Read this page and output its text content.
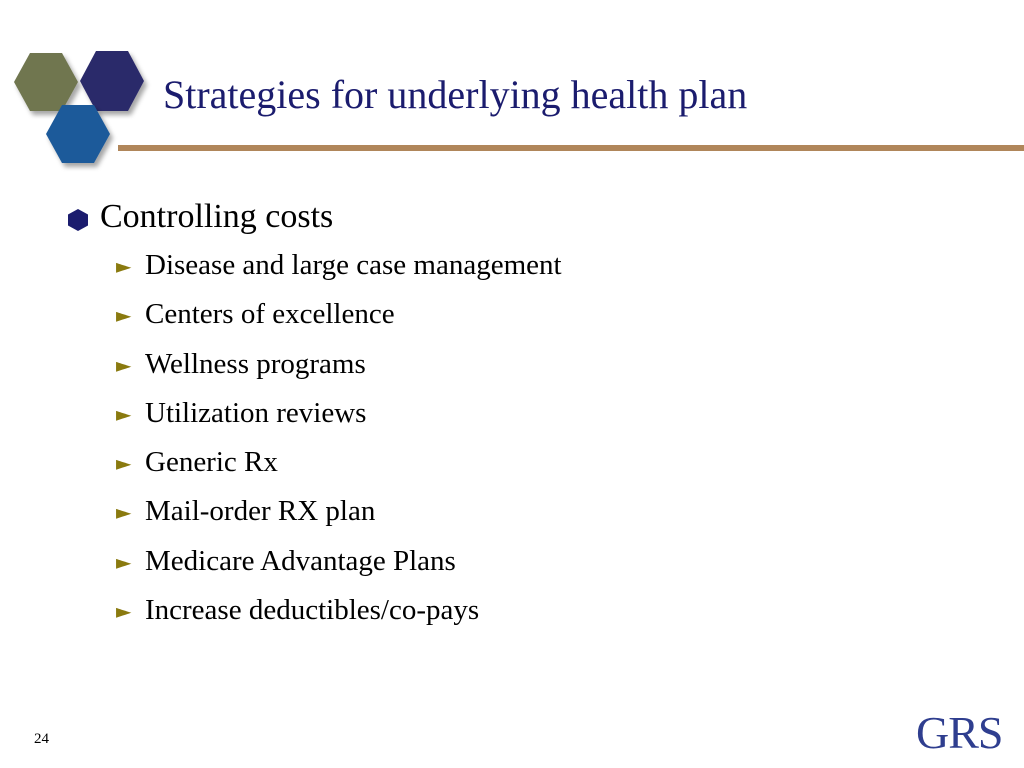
Strategies for underlying health plan
Controlling costs
► Disease and large case management
► Centers of excellence
► Wellness programs
► Utilization reviews
► Generic Rx
► Mail-order RX plan
► Medicare Advantage Plans
► Increase deductibles/co-pays
24	GRS
